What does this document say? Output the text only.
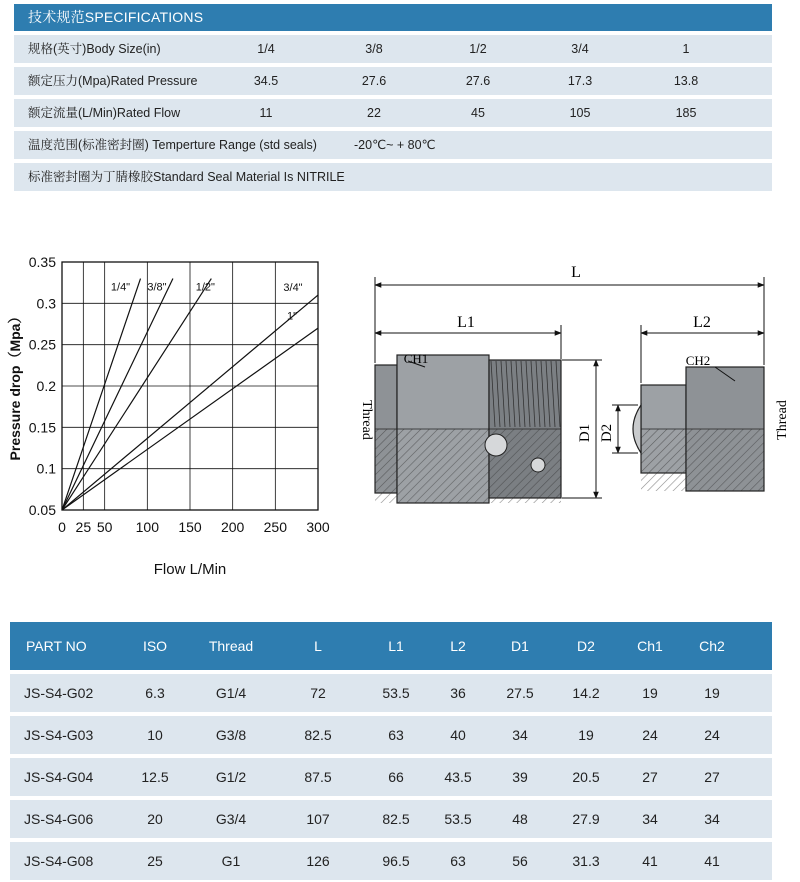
技术规范SPECIFICATIONS
规格(英寸)Body Size(in)	1/4	3/8	1/2	3/4	1
额定压力(Mpa)Rated Pressure	34.5	27.6	27.6	17.3	13.8
额定流量(L/Min)Rated Flow	11	22	45	105	185
温度范围(标准密封圈) Temperture Range (std seals)	-20℃~ + 80℃
标准密封圈为丁腈橡胶Standard Seal Material Is NITRILE
0 25 50 100 150 200 250 300
0.05
0.1
0.15
0.2
0.25
0.3
0.35
1/4" 3/8"	1/2"	3/4"
1"
Pressure drop（Mpa）
Flow L/Min
L
L1	L2
CH1	CH2
D1 D2
Thread	Thread
PART NO	ISO	Thread	L	L1	L2	D1	D2	Ch1	Ch2
JS-S4-G02	6.3	G1/4	72	53.5	36	27.5	14.2	19	19
JS-S4-G03	10	G3/8	82.5	63	40	34	19	24	24
JS-S4-G04	12.5	G1/2	87.5	66	43.5	39	20.5	27	27
JS-S4-G06	20	G3/4	107	82.5	53.5	48	27.9	34	34
JS-S4-G08	25	G1	126	96.5	63	56	31.3	41	41
